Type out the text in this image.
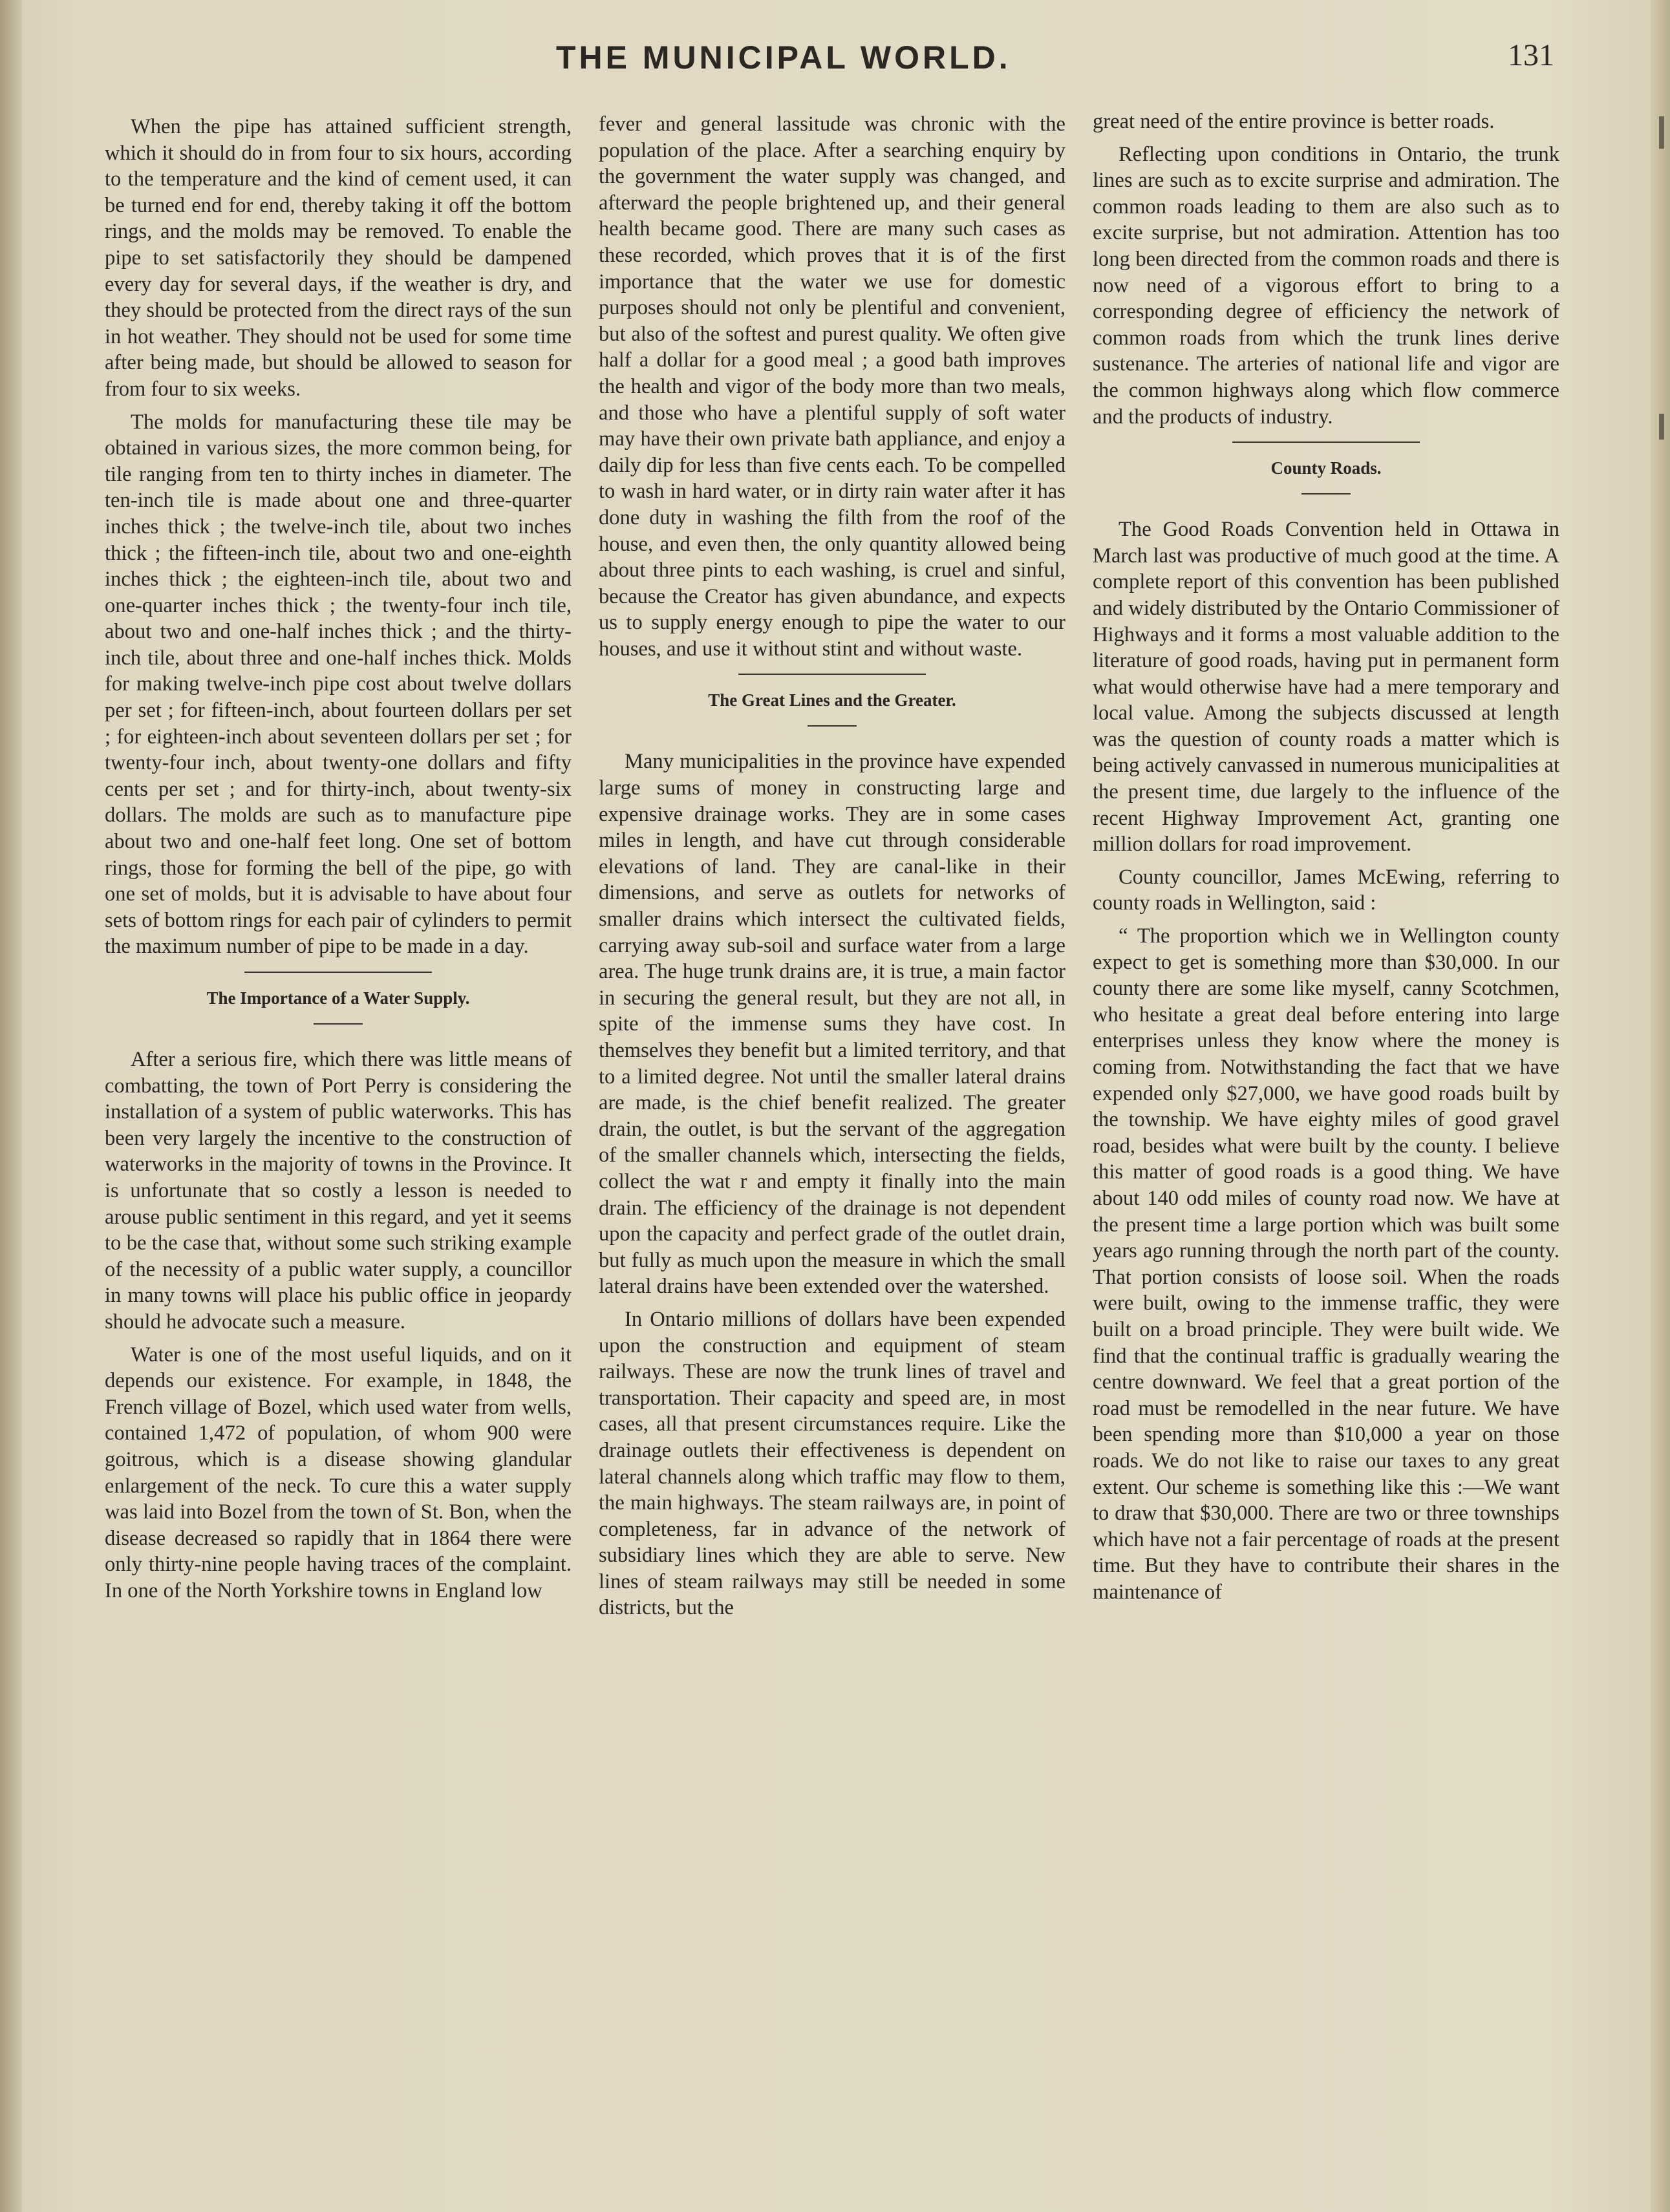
THE MUNICIPAL WORLD.	131

When the pipe has attained sufficient strength, which it should do in from four to six hours, according to the temperature and the kind of cement used, it can be turned end for end, thereby taking it off the bottom rings, and the molds may be removed. To enable the pipe to set satisfactorily they should be dampened every day for several days, if the weather is dry, and they should be protected from the direct rays of the sun in hot weather. They should not be used for some time after being made, but should be allowed to season for from four to six weeks.

The molds for manufacturing these tile may be obtained in various sizes, the more common being, for tile ranging from ten to thirty inches in diameter. The ten-inch tile is made about one and three-quarter inches thick ; the twelve-inch tile, about two inches thick ; the fifteen-inch tile, about two and one-eighth inches thick ; the eighteen-inch tile, about two and one-quarter inches thick ; the twenty-four inch tile, about two and one-half inches thick ; and the thirty-inch tile, about three and one-half inches thick. Molds for making twelve-inch pipe cost about twelve dollars per set ; for fifteen-inch, about fourteen dollars per set ; for eighteen-inch about seventeen dollars per set ; for twenty-four inch, about twenty-one dollars and fifty cents per set ; and for thirty-inch, about twenty-six dollars. The molds are such as to manufacture pipe about two and one-half feet long. One set of bottom rings, those for forming the bell of the pipe, go with one set of molds, but it is advisable to have about four sets of bottom rings for each pair of cylinders to permit the maximum number of pipe to be made in a day.

The Importance of a Water Supply.

After a serious fire, which there was little means of combatting, the town of Port Perry is considering the installation of a system of public waterworks. This has been very largely the incentive to the construction of waterworks in the majority of towns in the Province. It is unfortunate that so costly a lesson is needed to arouse public sentiment in this regard, and yet it seems to be the case that, without some such striking example of the necessity of a public water supply, a councillor in many towns will place his public office in jeopardy should he advocate such a measure.

Water is one of the most useful liquids, and on it depends our existence. For example, in 1848, the French village of Bozel, which used water from wells, contained 1,472 of population, of whom 900 were goitrous, which is a disease showing glandular enlargement of the neck. To cure this a water supply was laid into Bozel from the town of St. Bon, when the disease decreased so rapidly that in 1864 there were only thirty-nine people having traces of the complaint. In one of the North Yorkshire towns in England low

fever and general lassitude was chronic with the population of the place. After a searching enquiry by the government the water supply was changed, and afterward the people brightened up, and their general health became good. There are many such cases as these recorded, which proves that it is of the first importance that the water we use for domestic purposes should not only be plentiful and convenient, but also of the softest and purest quality. We often give half a dollar for a good meal ; a good bath improves the health and vigor of the body more than two meals, and those who have a plentiful supply of soft water may have their own private bath appliance, and enjoy a daily dip for less than five cents each. To be compelled to wash in hard water, or in dirty rain water after it has done duty in washing the filth from the roof of the house, and even then, the only quantity allowed being about three pints to each washing, is cruel and sinful, because the Creator has given abundance, and expects us to supply energy enough to pipe the water to our houses, and use it without stint and without waste.

The Great Lines and the Greater.

Many municipalities in the province have expended large sums of money in constructing large and expensive drainage works. They are in some cases miles in length, and have cut through considerable elevations of land. They are canal-like in their dimensions, and serve as outlets for networks of smaller drains which intersect the cultivated fields, carrying away sub-soil and surface water from a large area. The huge trunk drains are, it is true, a main factor in securing the general result, but they are not all, in spite of the immense sums they have cost. In themselves they benefit but a limited territory, and that to a limited degree. Not until the smaller lateral drains are made, is the chief benefit realized. The greater drain, the outlet, is but the servant of the aggregation of the smaller channels which, intersecting the fields, collect the wat r and empty it finally into the main drain. The efficiency of the drainage is not dependent upon the capacity and perfect grade of the outlet drain, but fully as much upon the measure in which the small lateral drains have been extended over the watershed.

In Ontario millions of dollars have been expended upon the construction and equipment of steam railways. These are now the trunk lines of travel and transportation. Their capacity and speed are, in most cases, all that present circumstances require. Like the drainage outlets their effectiveness is dependent on lateral channels along which traffic may flow to them, the main highways. The steam railways are, in point of completeness, far in advance of the network of subsidiary lines which they are able to serve. New lines of steam railways may still be needed in some districts, but the

great need of the entire province is better roads.

Reflecting upon conditions in Ontario, the trunk lines are such as to excite surprise and admiration. The common roads leading to them are also such as to excite surprise, but not admiration. Attention has too long been directed from the common roads and there is now need of a vigorous effort to bring to a corresponding degree of efficiency the network of common roads from which the trunk lines derive sustenance. The arteries of national life and vigor are the common highways along which flow commerce and the products of industry.

County Roads.

The Good Roads Convention held in Ottawa in March last was productive of much good at the time. A complete report of this convention has been published and widely distributed by the Ontario Commissioner of Highways and it forms a most valuable addition to the literature of good roads, having put in permanent form what would otherwise have had a mere temporary and local value. Among the subjects discussed at length was the question of county roads a matter which is being actively canvassed in numerous municipalities at the present time, due largely to the influence of the recent Highway Improvement Act, granting one million dollars for road improvement.

County councillor, James McEwing, referring to county roads in Wellington, said :

“ The proportion which we in Wellington county expect to get is something more than $30,000. In our county there are some like myself, canny Scotchmen, who hesitate a great deal before entering into large enterprises unless they know where the money is coming from. Notwithstanding the fact that we have expended only $27,000, we have good roads built by the township. We have eighty miles of good gravel road, besides what were built by the county. I believe this matter of good roads is a good thing. We have about 140 odd miles of county road now. We have at the present time a large portion which was built some years ago running through the north part of the county. That portion consists of loose soil. When the roads were built, owing to the immense traffic, they were built on a broad principle. They were built wide. We find that the continual traffic is gradually wearing the centre downward. We feel that a great portion of the road must be remodelled in the near future. We have been spending more than $10,000 a year on those roads. We do not like to raise our taxes to any great extent. Our scheme is something like this :—We want to draw that $30,000. There are two or three townships which have not a fair percentage of roads at the present time. But they have to contribute their shares in the maintenance of
